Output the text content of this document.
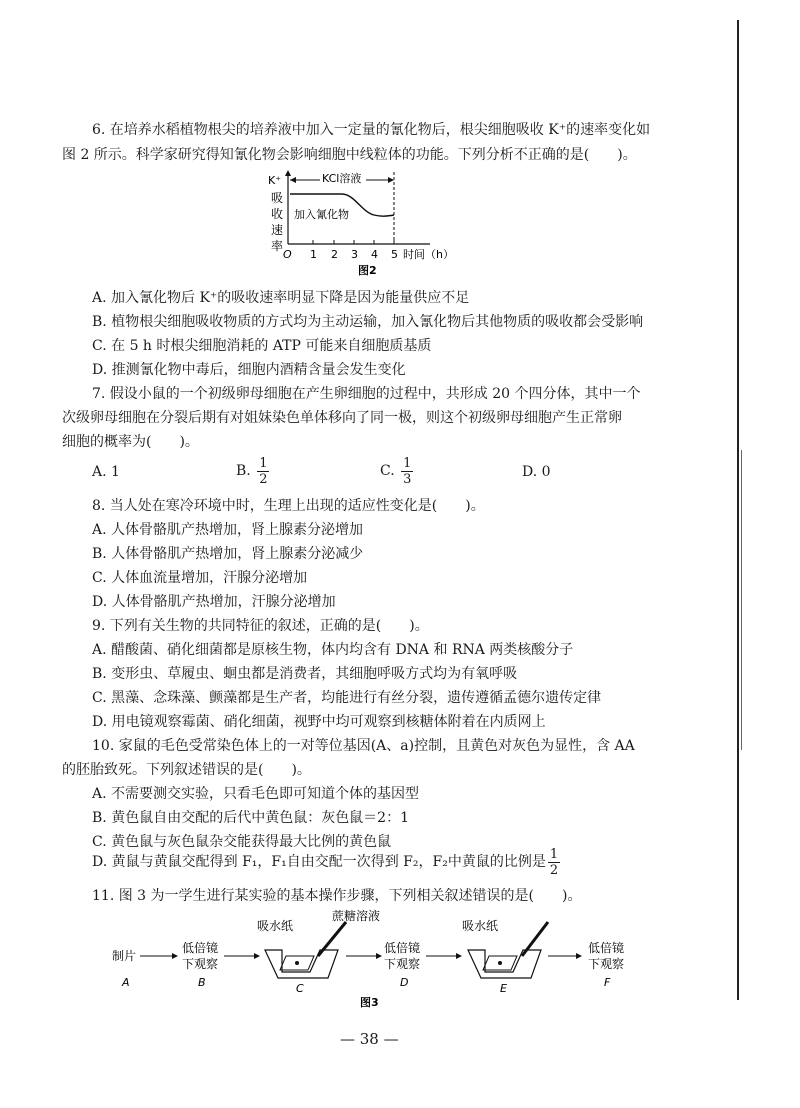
6. 在培养水稻植物根尖的培养液中加入一定量的氰化物后，根尖细胞吸收 K⁺的速率变化如
图 2 所示。科学家研究得知氰化物会影响细胞中线粒体的功能。下列分析不正确的是(　　)。
K⁺
吸
收
速
率
KCl溶液
加入氰化物
O 1 2 3 4 5 时间（h）
图2
A. 加入氰化物后 K⁺的吸收速率明显下降是因为能量供应不足
B. 植物根尖细胞吸收物质的方式均为主动运输，加入氰化物后其他物质的吸收都会受影响
C. 在 5 h 时根尖细胞消耗的 ATP 可能来自细胞质基质
D. 推测氰化物中毒后，细胞内酒精含量会发生变化
7. 假设小鼠的一个初级卵母细胞在产生卵细胞的过程中，共形成 20 个四分体，其中一个
次级卵母细胞在分裂后期有对姐妹染色单体移向了同一极，则这个初级卵母细胞产生正常卵
细胞的概率为(　　)。
A. 1	B. $\frac{1}{2}$	C. $\frac{1}{3}$	D. 0
8. 当人处在寒冷环境中时，生理上出现的适应性变化是(　　)。
A. 人体骨骼肌产热增加，肾上腺素分泌增加
B. 人体骨骼肌产热增加，肾上腺素分泌减少
C. 人体血流量增加，汗腺分泌增加
D. 人体骨骼肌产热增加，汗腺分泌增加
9. 下列有关生物的共同特征的叙述，正确的是(　　)。
A. 醋酸菌、硝化细菌都是原核生物，体内均含有 DNA 和 RNA 两类核酸分子
B. 变形虫、草履虫、蛔虫都是消费者，其细胞呼吸方式均为有氧呼吸
C. 黑藻、念珠藻、颤藻都是生产者，均能进行有丝分裂，遗传遵循孟德尔遗传定律
D. 用电镜观察霉菌、硝化细菌，视野中均可观察到核糖体附着在内质网上
10. 家鼠的毛色受常染色体上的一对等位基因(A、a)控制，且黄色对灰色为显性，含 AA
的胚胎致死。下列叙述错误的是(　　)。
A. 不需要测交实验，只看毛色即可知道个体的基因型
B. 黄色鼠自由交配的后代中黄色鼠：灰色鼠＝2：1
C. 黄色鼠与灰色鼠杂交能获得最大比例的黄色鼠
D. 黄鼠与黄鼠交配得到 F₁，F₁自由交配一次得到 F₂，F₂中黄鼠的比例是 $\frac{1}{2}$
11. 图 3 为一学生进行某实验的基本操作步骤，下列相关叙述错误的是(　　)。
制片
低倍镜
下观察
吸水纸
蔗糖溶液
低倍镜
下观察
吸水纸
低倍镜
下观察
A	B	C	D	E	F
图3
— 38 —
